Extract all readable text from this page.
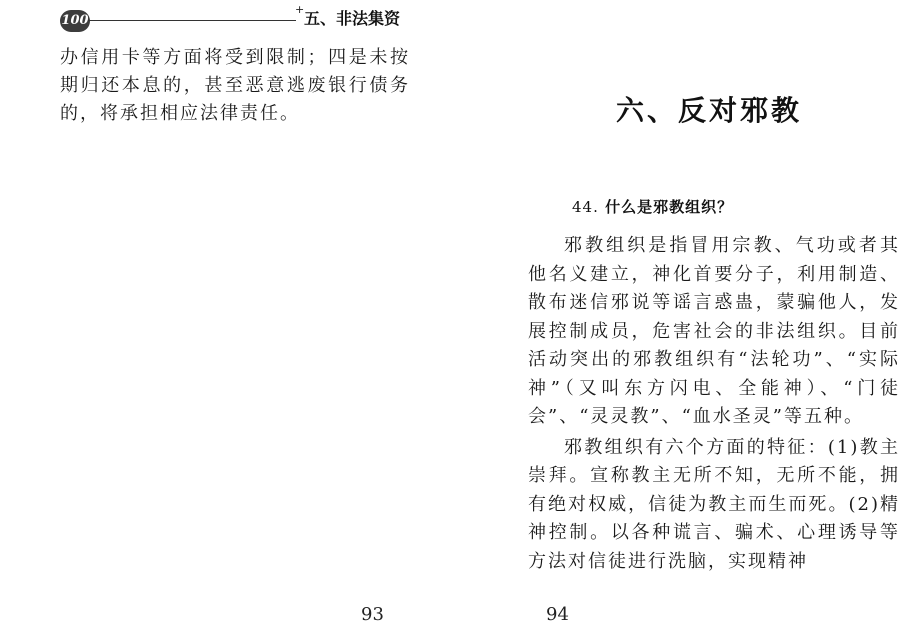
100
+ 五、非法集资

办信用卡等方面将受到限制；四是未按期归还本息的，甚至恶意逃废银行债务的，将承担相应法律责任。

93
六、反对邪教
44. 什么是邪教组织？

邪教组织是指冒用宗教、气功或者其他名义建立，神化首要分子，利用制造、散布迷信邪说等谣言惑蛊，蒙骗他人，发展控制成员，危害社会的非法组织。目前活动突出的邪教组织有“法轮功”、“实际神”（又叫东方闪电、全能神）、“门徒会”、“灵灵教”、“血水圣灵”等五种。

邪教组织有六个方面的特征：(1)教主崇拜。宣称教主无所不知，无所不能，拥有绝对权威，信徒为教主而生而死。(2)精神控制。以各种谎言、骗术、心理诱导等方法对信徒进行洗脑，实现精神

94
